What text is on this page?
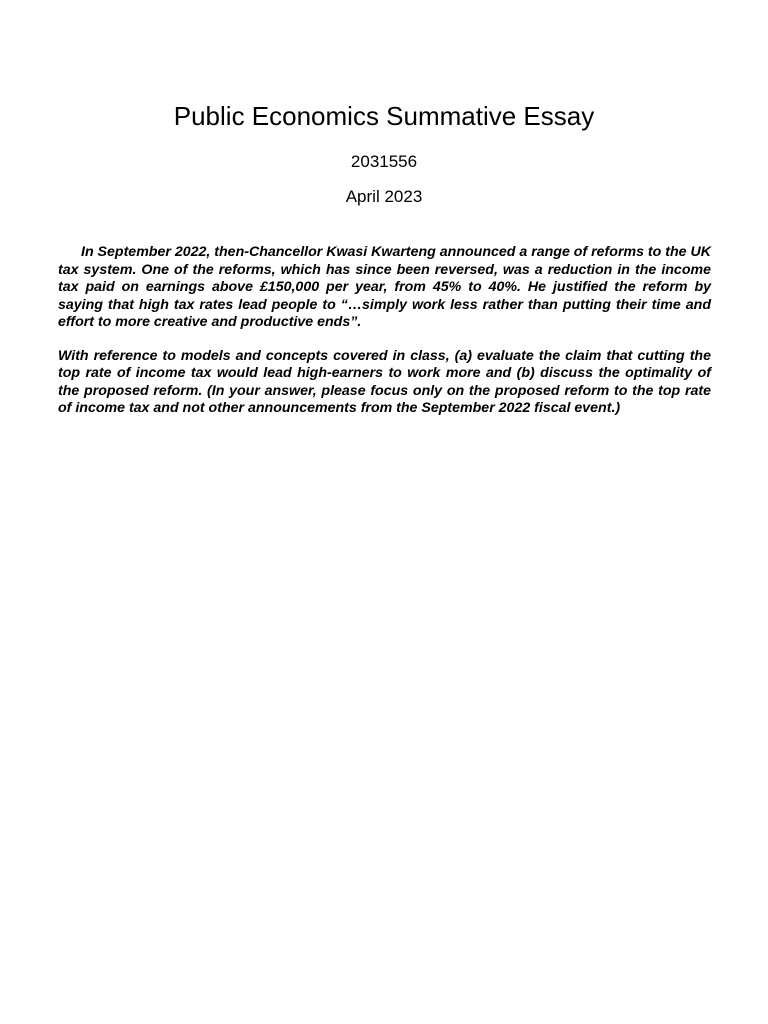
Public Economics Summative Essay
2031556
April 2023

In September 2022, then-Chancellor Kwasi Kwarteng announced a range of reforms to the UK tax system. One of the reforms, which has since been reversed, was a reduction in the income tax paid on earnings above £150,000 per year, from 45% to 40%. He justified the reform by saying that high tax rates lead people to “…simply work less rather than putting their time and effort to more creative and productive ends”.

With reference to models and concepts covered in class, (a) evaluate the claim that cutting the top rate of income tax would lead high-earners to work more and (b) discuss the optimality of the proposed reform. (In your answer, please focus only on the proposed reform to the top rate of income tax and not other announcements from the September 2022 fiscal event.)
